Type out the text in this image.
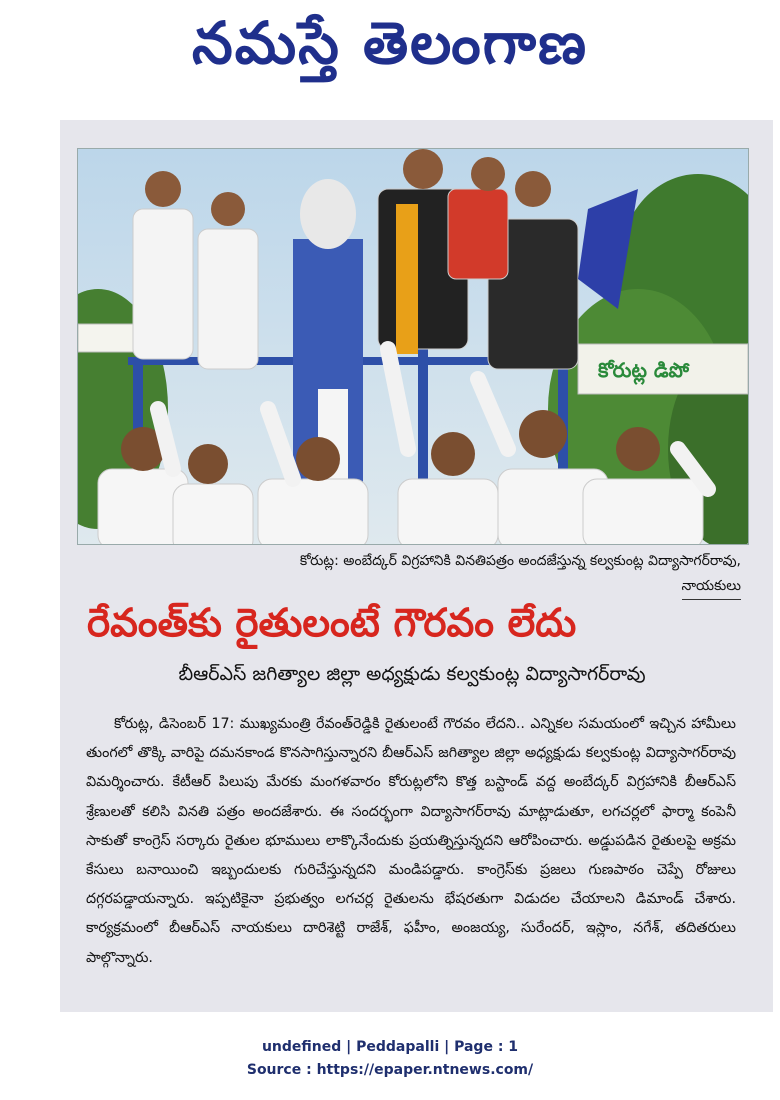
నమస్తే తెలంగాణ
కోరుట్ల డిపో
కోరుట్ల: అంబేద్కర్ విగ్రహానికి వినతిపత్రం అందజేస్తున్న కల్వకుంట్ల విద్యాసాగర్‌రావు,
నాయకులు
రేవంత్‌కు రైతులంటే గౌరవం లేదు
బీఆర్‌ఎస్ జగిత్యాల జిల్లా అధ్యక్షుడు కల్వకుంట్ల విద్యాసాగర్‌రావు
కోరుట్ల, డిసెంబర్ 17: ముఖ్యమంత్రి రేవంత్‌రెడ్డికి రైతులంటే గౌరవం లేదని.. ఎన్నికల సమయంలో ఇచ్చిన హామీలు తుంగలో తొక్కి వారిపై దమనకాండ కొనసాగిస్తున్నారని బీఆర్‌ఎస్ జగిత్యాల జిల్లా అధ్యక్షుడు కల్వకుంట్ల విద్యాసాగర్‌రావు విమర్శించారు. కేటీఆర్ పిలుపు మేరకు మంగళవారం కోరుట్లలోని కొత్త బస్టాండ్ వద్ద అంబేద్కర్ విగ్రహానికి బీఆర్‌ఎస్ శ్రేణులతో కలిసి వినతి పత్రం అందజేశారు. ఈ సందర్భంగా విద్యాసాగర్‌రావు మాట్లాడుతూ, లగచర్లలో ఫార్మా కంపెనీ సాకుతో కాంగ్రెస్ సర్కారు రైతుల భూములు లాక్కొనేందుకు ప్రయత్నిస్తున్నదని ఆరోపించారు. అడ్డుపడిన రైతులపై అక్రమ కేసులు బనాయించి ఇబ్బందులకు గురిచేస్తున్నదని మండిపడ్డారు. కాంగ్రెస్‌కు ప్రజలు గుణపాఠం చెప్పే రోజులు దగ్గరపడ్డాయన్నారు. ఇప్పటికైనా ప్రభుత్వం లగచర్ల రైతులను భేషరతుగా విడుదల చేయాలని డిమాండ్ చేశారు. కార్యక్రమంలో బీఆర్‌ఎస్ నాయకులు దారిశెట్టి రాజేశ్, ఫహీం, అంజయ్య, సురేందర్, ఇస్లాం, నగేశ్, తదితరులు పాల్గొన్నారు.
undefined | Peddapalli | Page : 1
Source : https://epaper.ntnews.com/
